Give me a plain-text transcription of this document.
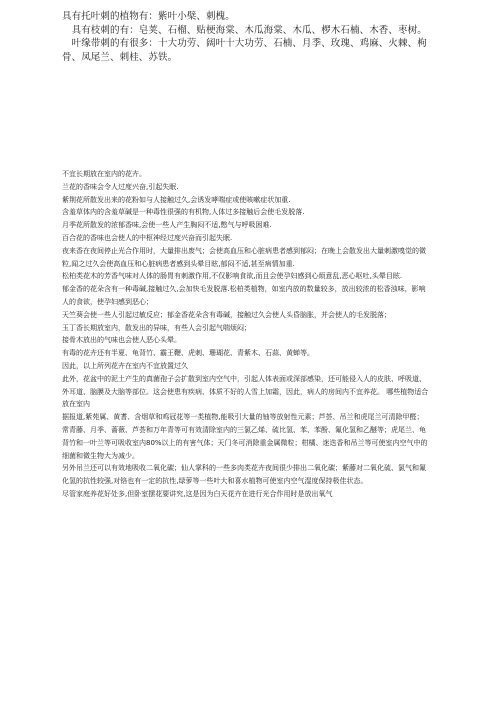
具有托叶刺的植物有：紫叶小檗、刺槐。

　具有枝刺的有：皂荚、石榴、贴梗海棠、木瓜海棠、木瓜、椤木石楠、木香、枣树。

　叶缘带刺的有很多：十大功劳、阔叶十大功劳、石楠、月季、玫瑰、鸡麻、火棘、枸骨、凤尾兰、刺桂、苏铁。

不宜长期放在室内的花卉。

兰花的香味会令人过度兴奋,引起失眠.

紫荆花所散发出来的花粉如与人接触过久,会诱发哮喘症或使咳嗽症状加重.

含羞草体内的含羞草碱是一种毒性很强的有机物,人体过多接触后会使毛发脱落.

月季花所散发的浓郁香味,会使一些人产生胸闷不适,憋气与呼吸困难.

百合花的香味也会使人的中枢神经过度兴奋而引起失眠.

夜来香在夜间停止光合作用时，大量排出废气；会使高血压和心脏病患者感到郁闷；在晚上会散发出大量刺激嗅觉的微粒,闻之过久会使高血压和心脏病患者感到头晕目眩,郁闷不适,甚至病情加重.

松柏类花木的芳香气味对人体的肠胃有刺激作用,不仅影响食欲,而且会使孕妇感到心烦意乱,恶心呕吐,头晕目眩.

郁金香的花朵含有一种毒碱,接触过久,会加快毛发脱落.松柏类植物，如室内放的数量较多，放出较浓的松香浊味，影响人的食欲，使孕妇感到恶心；

天竺葵会使一些人引起过敏反应；郁金香花朵含有毒碱，接触过久会使人头昏脑胀，并会使人的毛发脱落；

玉丁香长期放室内，散发出的异味，有些人会引起气喘烦闷；

接骨木放出的气味也会使人恶心头晕。

有毒的花卉还有半夏、龟背竹、霸王鞭、虎刺、珊瑚花、青紫木、石蒜、黄蝉等。

因此，以上所列花卉在室内不宜放置过久

此外，花盆中的泥土产生的真菌孢子会扩散到室内空气中，引起人体表面或深部感染，还可能侵入人的皮肤、呼吸道、外耳道、脑膜及大脑等部位。这会使患有疾病、体质不好的人雪上加霜，因此，病人的房间内不宜养花。 哪些植物适合放在室内

据报道,紫苑属、黄耆、含烟草和鸡冠花等一类植物,能吸引大量的铀等放射性元素；芦荟、吊兰和虎尾兰可清除甲醛；常青藤、月季、蔷薇、芦荟和万年青等可有效清除室内的三氯乙烯、硫比氢、苯、苯酚、氟化氢和乙醚等；虎尾兰、龟背竹和一叶兰等可吸收室内80%以上的有害气体；天门冬可消除重金属微粒；柑橘、迷迭香和吊兰等可使室内空气中的细菌和微生物大为减少。

另外吊兰还可以有效地吸收二氧化碳；仙人掌科的一些多肉类花卉夜间很少排出二氧化碳；紫藤对二氧化硫、氯气和氟化氢的抗性较强,对铬也有一定的抗性,绿萝等一些叶大和喜水植物可使室内空气湿度保持极佳状态。

尽管家庭养花好处多,但卧室摆花要讲究,这是因为白天花卉在进行光合作用时是放出氧气
